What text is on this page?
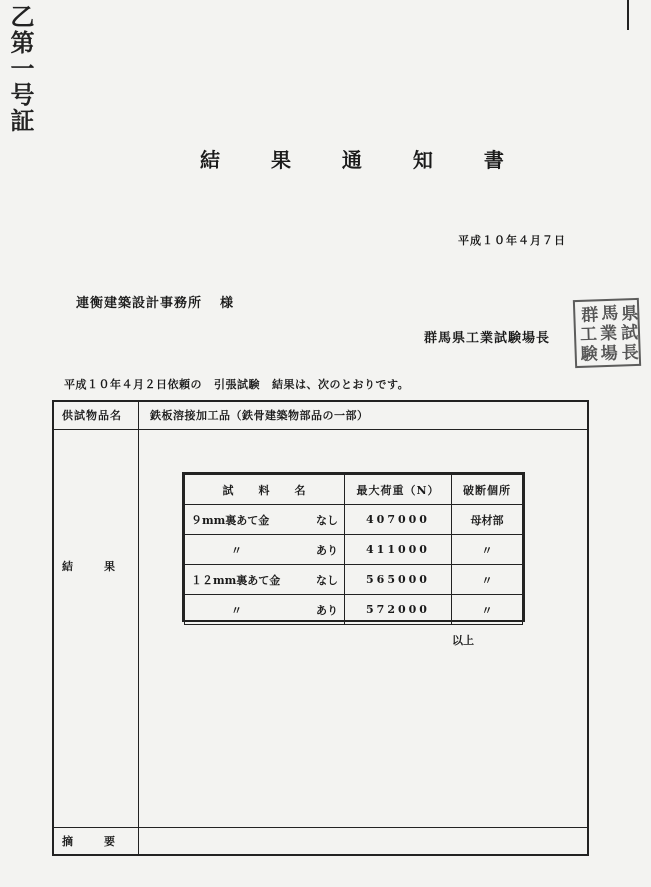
乙第一号証
結 果 通 知 書
平成１０年４月７日
連衡建築設計事務所 様
群馬県工業試験場長
群 馬 県
工 業 試
験 場 長
平成１０年４月２日依頼の 引張試験 結果は、次のとおりです。
供試物品名	鉄板溶接加工品（鉄骨建築物部品の一部）
結　　果
摘　　要
試　　料　　名	最大荷重（N）	破断個所

９mm裏あて金 なし	407000	母材部

〃 あり	411000	〃

１２mm裏あて金 なし	565000	〃

〃 あり	572000	〃
以上
